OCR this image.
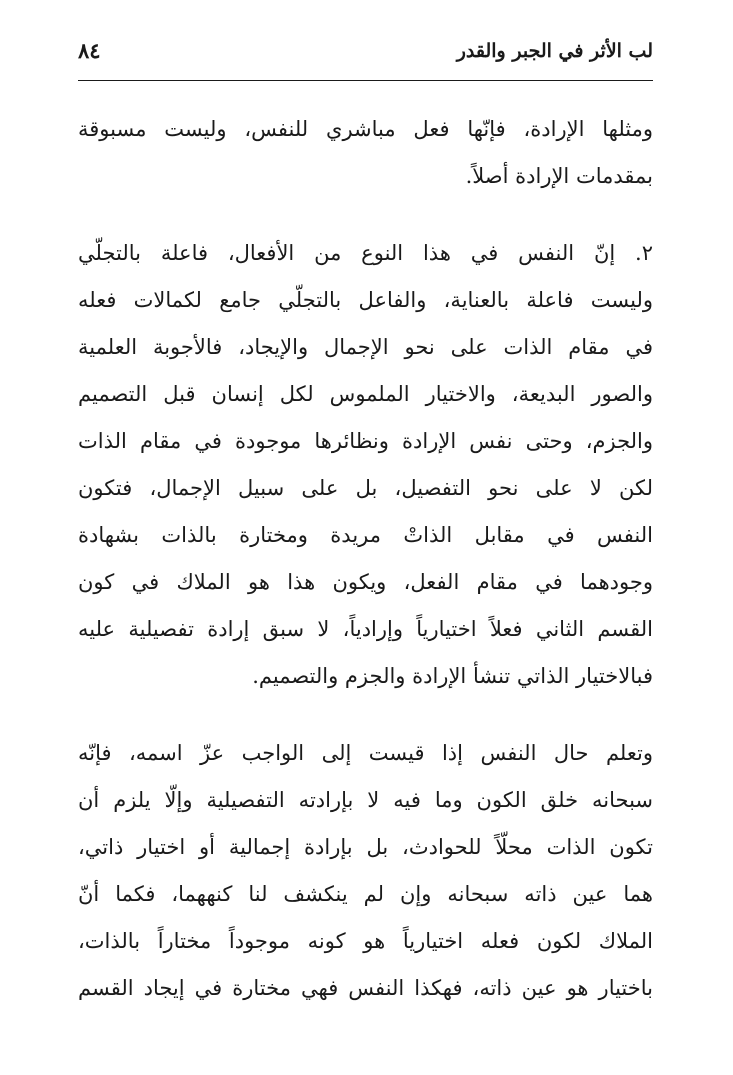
لب الأثر في الجبر والقدر
٨٤

ومثلها الإرادة، فإنّها فعل مباشري للنفس، وليست مسبوقة
بمقدمات الإرادة أصلاً.

٢. إنّ النفس في هذا النوع من الأفعال، فاعلة بالتجلّي
وليست فاعلة بالعناية، والفاعل بالتجلّي جامع لكمالات فعله
في مقام الذات على نحو الإجمال والإيجاد، فالأجوبة العلمية
والصور البديعة، والاختيار الملموس لكل إنسان قبل التصميم
والجزم، وحتى نفس الإرادة ونظائرها موجودة في مقام الذات
لكن لا على نحو التفصيل، بل على سبيل الإجمال، فتكون
النفس في مقابل الذاتْ مريدة ومختارة بالذات بشهادة
وجودهما في مقام الفعل، ويكون هذا هو الملاك في كون
القسم الثاني فعلاً اختيارياً وإرادياً، لا سبق إرادة تفصيلية عليه
فبالاختيار الذاتي تنشأ الإرادة والجزم والتصميم.

وتعلم حال النفس إذا قيست إلى الواجب عزّ اسمه، فإنّه
سبحانه خلق الكون وما فيه لا بإرادته التفصيلية وإلّا يلزم أن
تكون الذات محلّاً للحوادث، بل بإرادة إجمالية أو اختيار ذاتي،
هما عين ذاته سبحانه وإن لم ينكشف لنا كنههما، فكما أنّ
الملاك لكون فعله اختيارياً هو كونه موجوداً مختاراً بالذات،
باختيار هو عين ذاته، فهكذا النفس فهي مختارة في إيجاد القسم
